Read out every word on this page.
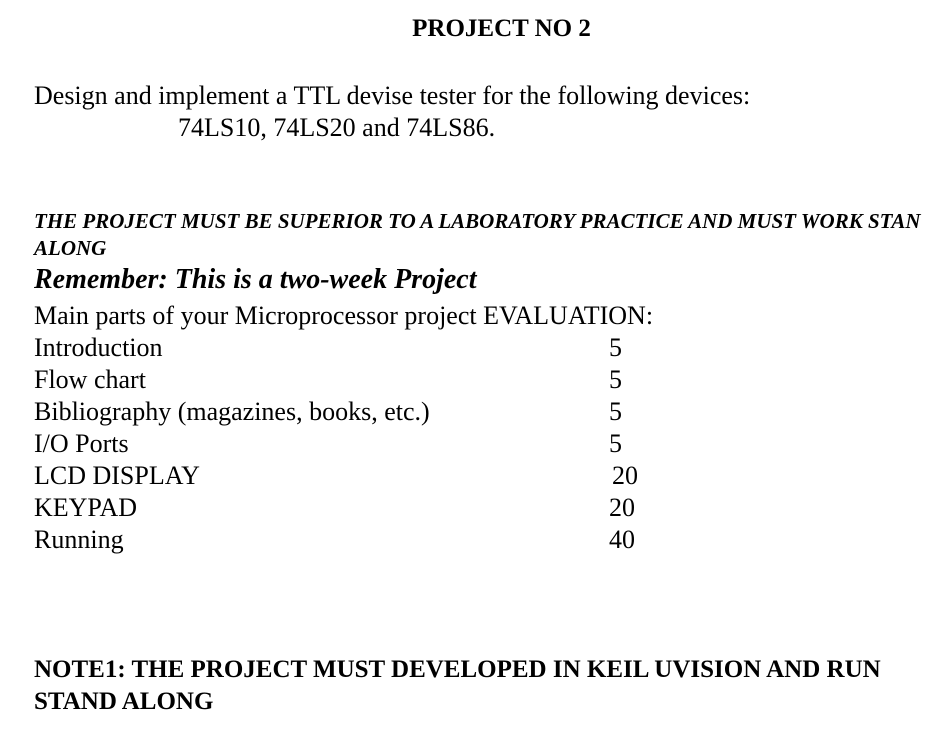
PROJECT NO 2
Design and implement a TTL devise tester for the following devices:
74LS10, 74LS20 and 74LS86.
THE PROJECT MUST BE SUPERIOR TO A LABORATORY PRACTICE AND MUST WORK STAN ALONG
Remember: This is a two-week Project
Main parts of your Microprocessor project EVALUATION:
Introduction	5
Flow chart	5
Bibliography (magazines, books, etc.)	5
I/O Ports	5
LCD DISPLAY	20
KEYPAD	20
Running	40
NOTE1: THE PROJECT MUST DEVELOPED IN KEIL UVISION AND RUN STAND ALONG
